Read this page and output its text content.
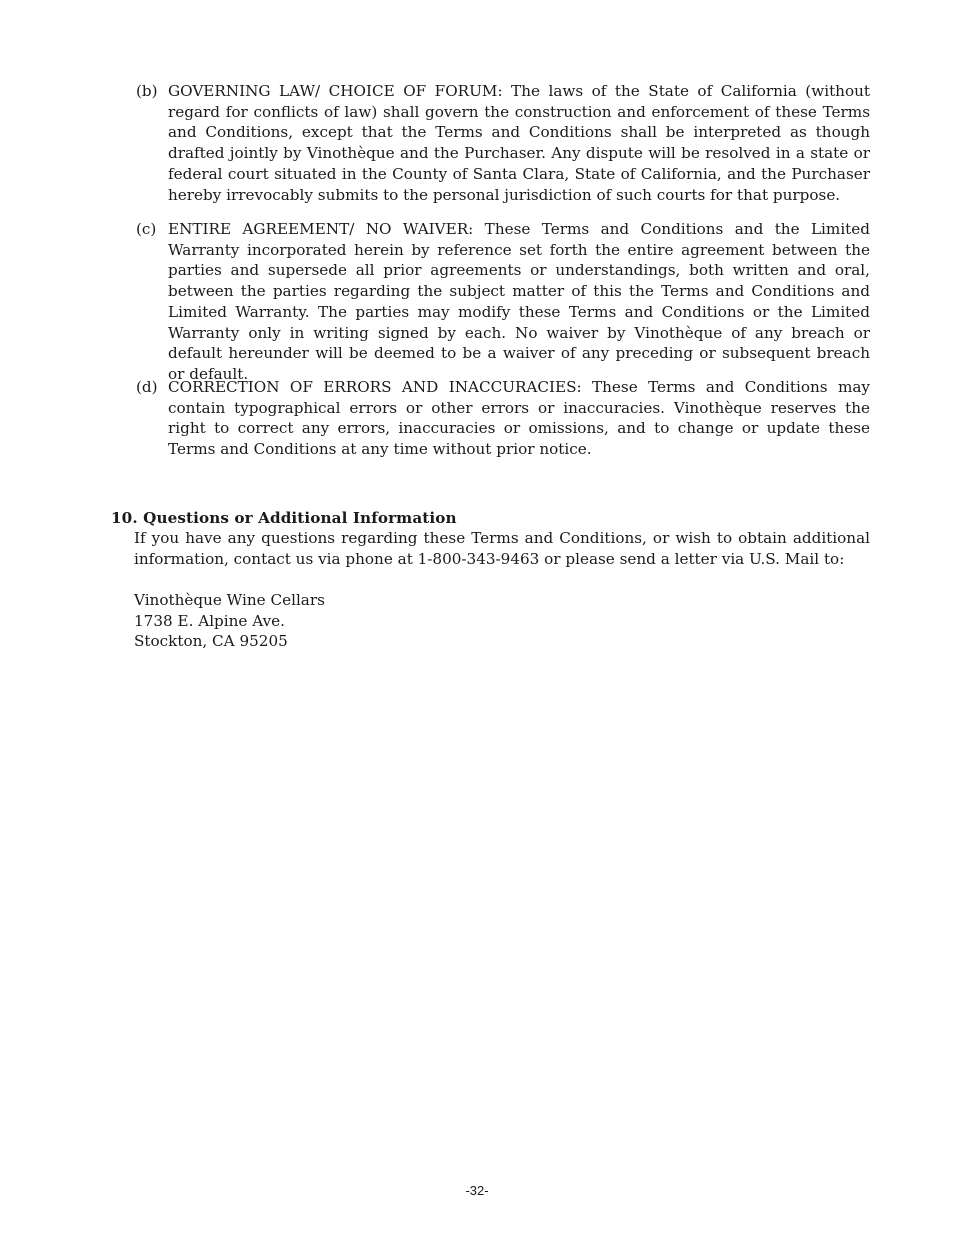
(b) GOVERNING LAW/ CHOICE OF FORUM: The laws of the State of California (without regard for conflicts of law) shall govern the construction and enforcement of these Terms and Conditions, except that the Terms and Conditions shall be interpreted as though drafted jointly by Vinothèque and the Purchaser. Any dispute will be resolved in a state or federal court situated in the County of Santa Clara, State of California, and the Purchaser hereby irrevocably submits to the personal jurisdiction of such courts for that purpose.
(c) ENTIRE AGREEMENT/ NO WAIVER: These Terms and Conditions and the Limited Warranty incorporated herein by reference set forth the entire agreement between the parties and supersede all prior agreements or understandings, both written and oral, between the parties regarding the subject matter of this the Terms and Conditions and Limited Warranty. The parties may modify these Terms and Conditions or the Limited Warranty only in writing signed by each. No waiver by Vinothèque of any breach or default hereunder will be deemed to be a waiver of any preceding or subsequent breach or default.
(d) CORRECTION OF ERRORS AND INACCURACIES: These Terms and Conditions may contain typographical errors or other errors or inaccuracies. Vinothèque reserves the right to correct any errors, inaccuracies or omissions, and to change or update these Terms and Conditions at any time without prior notice.
10. Questions or Additional Information
If you have any questions regarding these Terms and Conditions, or wish to obtain additional information, contact us via phone at 1-800-343-9463 or please send a letter via U.S. Mail to:
Vinothèque Wine Cellars
1738 E. Alpine Ave.
Stockton, CA 95205
-32-
